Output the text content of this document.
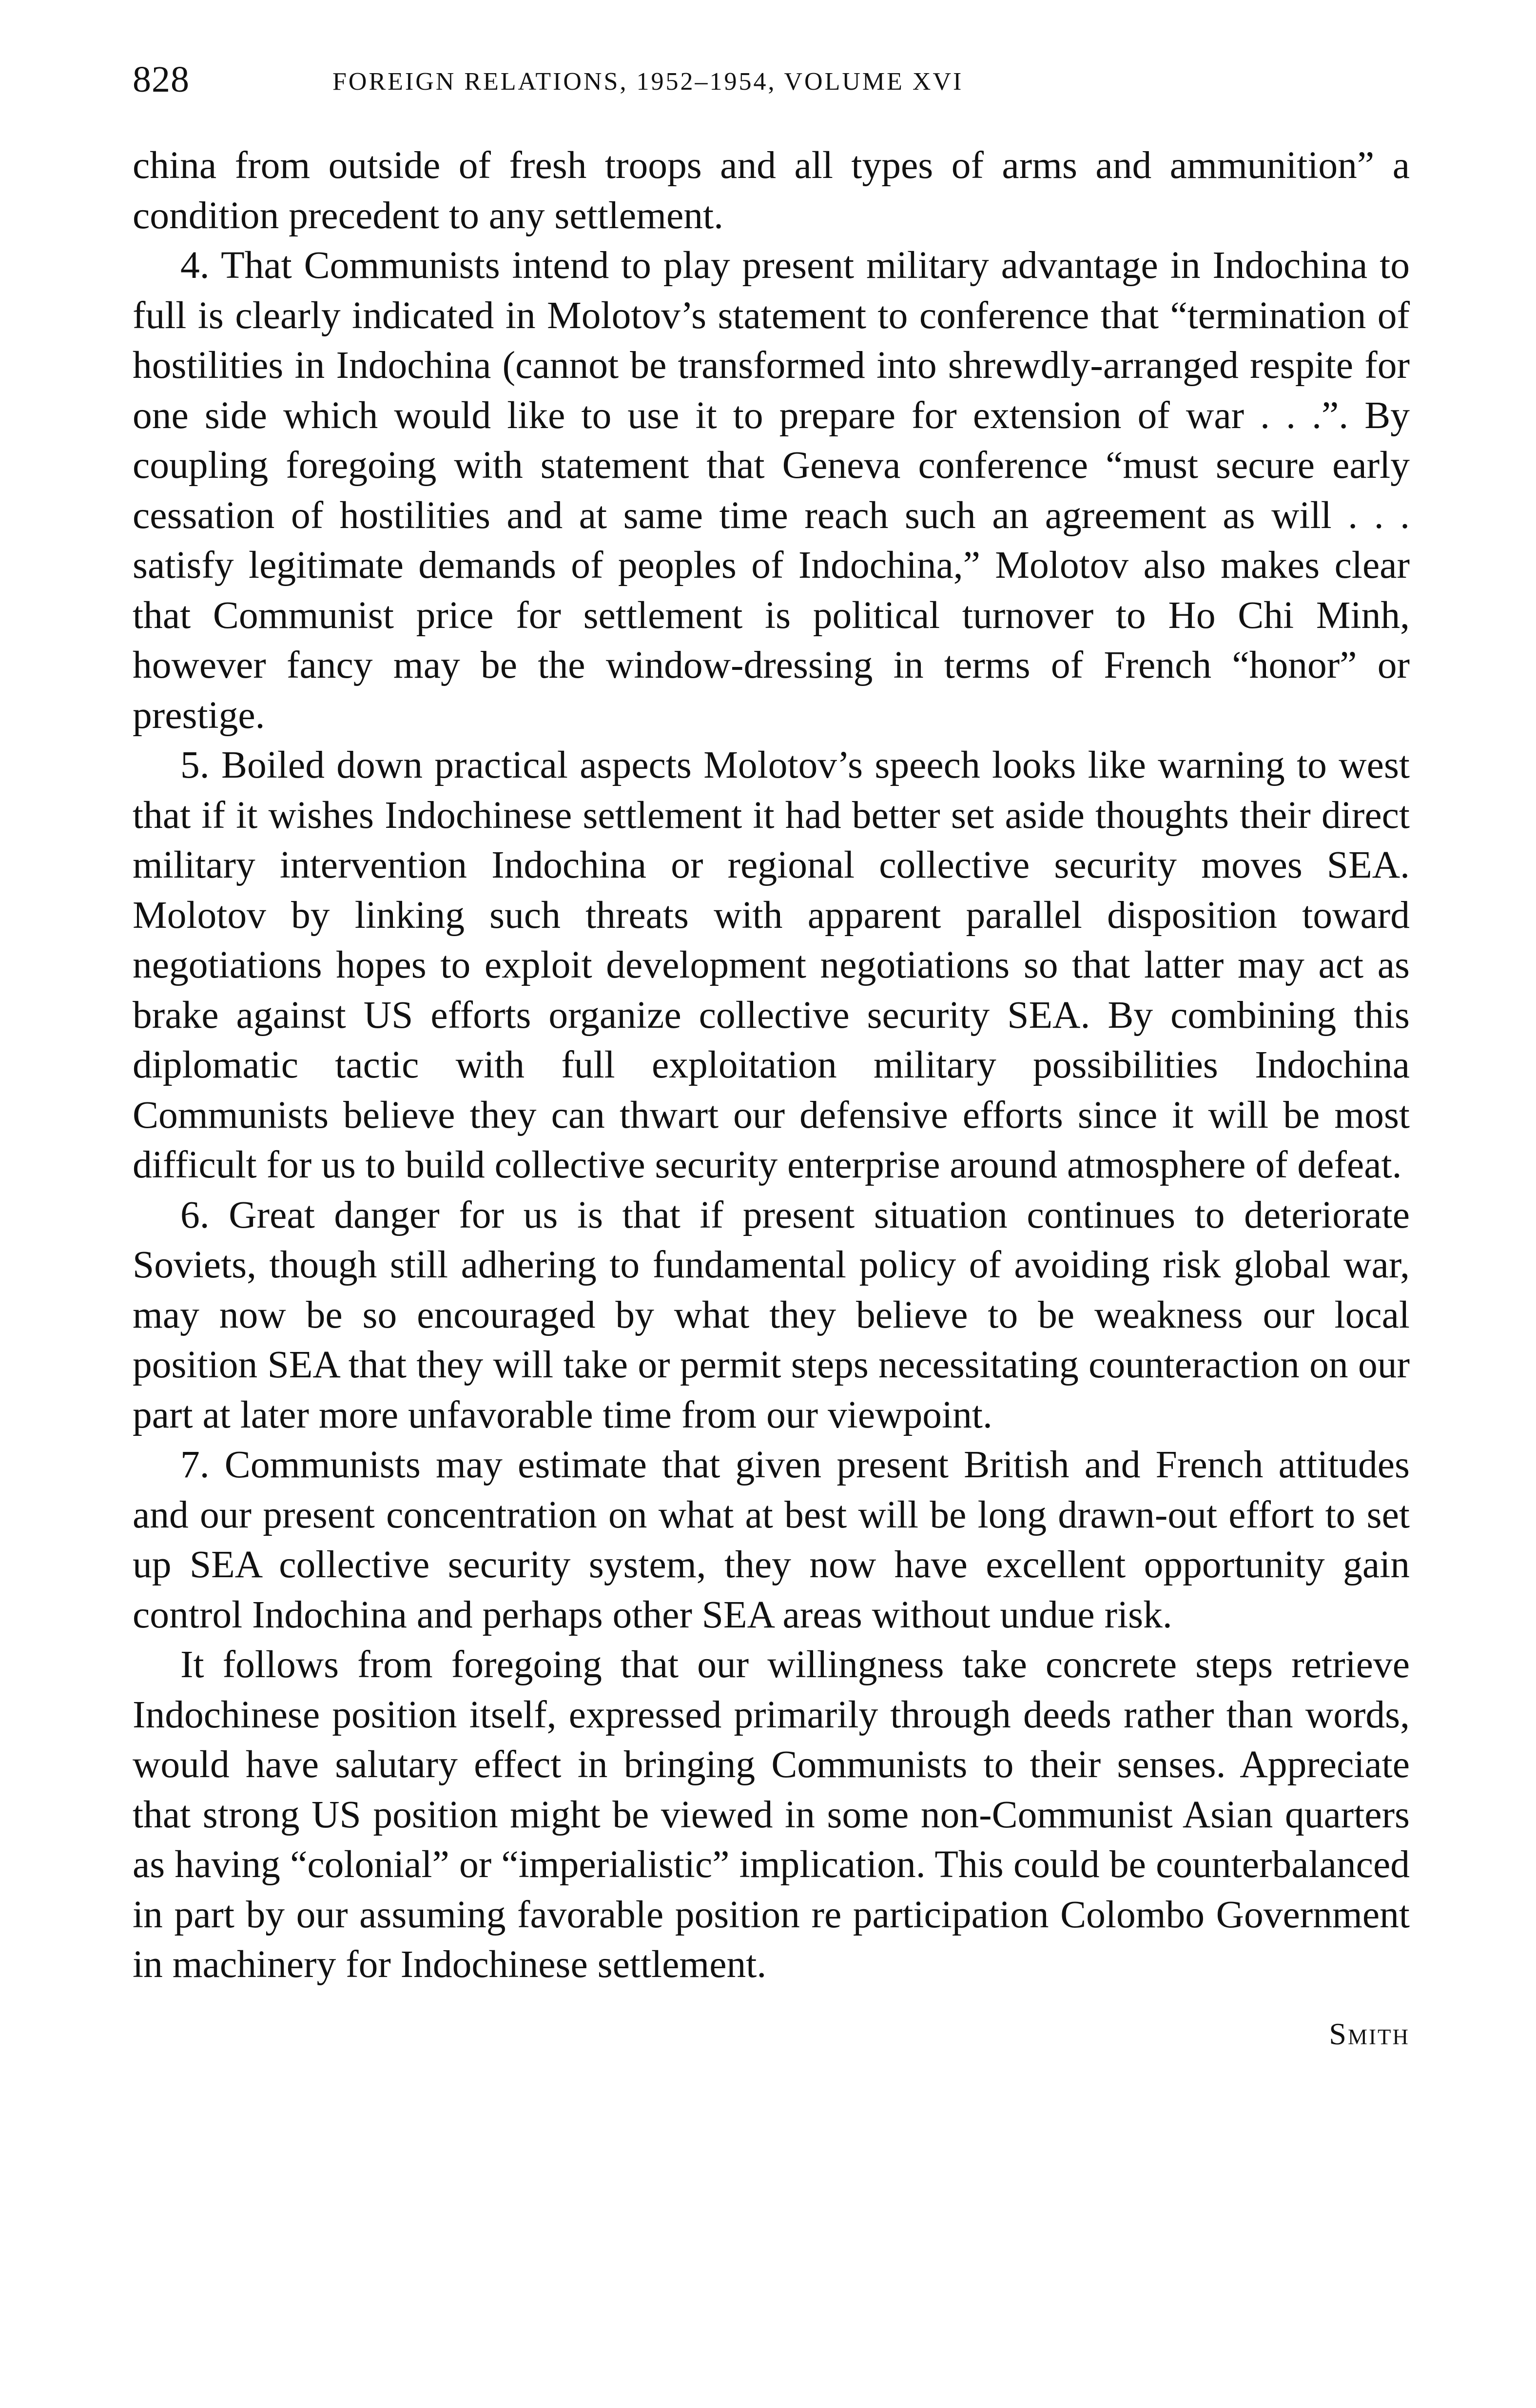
828	FOREIGN RELATIONS, 1952–1954, VOLUME XVI

china from outside of fresh troops and all types of arms and ammunition” a condition precedent to any settlement.

4. That Communists intend to play present military advantage in Indochina to full is clearly indicated in Molotov’s statement to conference that “termination of hostilities in Indochina (cannot be transformed into shrewdly-arranged respite for one side which would like to use it to prepare for extension of war . . .”. By coupling foregoing with statement that Geneva conference “must secure early cessation of hostilities and at same time reach such an agreement as will . . . satisfy legitimate demands of peoples of Indochina,” Molotov also makes clear that Communist price for settlement is political turnover to Ho Chi Minh, however fancy may be the window-dressing in terms of French “honor” or prestige.

5. Boiled down practical aspects Molotov’s speech looks like warning to west that if it wishes Indochinese settlement it had better set aside thoughts their direct military intervention Indochina or regional collective security moves SEA. Molotov by linking such threats with apparent parallel disposition toward negotiations hopes to exploit development negotiations so that latter may act as brake against US efforts organize collective security SEA. By combining this diplomatic tactic with full exploitation military possibilities Indochina Communists believe they can thwart our defensive efforts since it will be most difficult for us to build collective security enterprise around atmosphere of defeat.

6. Great danger for us is that if present situation continues to deteriorate Soviets, though still adhering to fundamental policy of avoiding risk global war, may now be so encouraged by what they believe to be weakness our local position SEA that they will take or permit steps necessitating counteraction on our part at later more unfavorable time from our viewpoint.

7. Communists may estimate that given present British and French attitudes and our present concentration on what at best will be long drawn-out effort to set up SEA collective security system, they now have excellent opportunity gain control Indochina and perhaps other SEA areas without undue risk.

It follows from foregoing that our willingness take concrete steps retrieve Indochinese position itself, expressed primarily through deeds rather than words, would have salutary effect in bringing Communists to their senses. Appreciate that strong US position might be viewed in some non-Communist Asian quarters as having “colonial” or “imperialistic” implication. This could be counterbalanced in part by our assuming favorable position re participation Colombo Government in machinery for Indochinese settlement.

Smith
